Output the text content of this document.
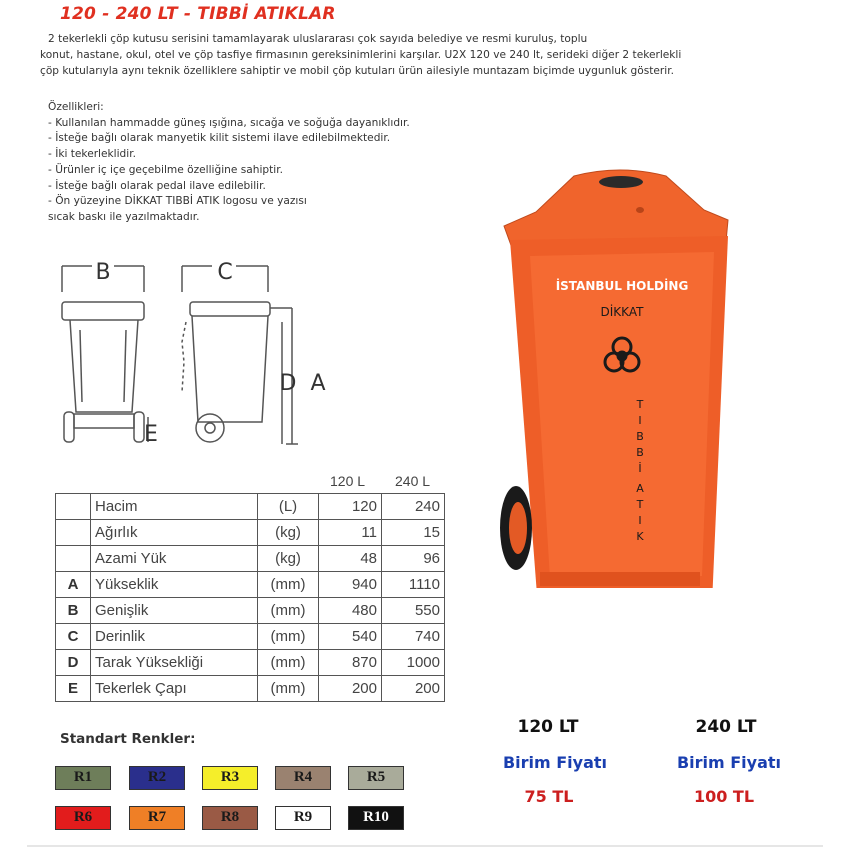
120 - 240 LT - TIBBİ ATIKLAR
2 tekerlekli çöp kutusu serisini tamamlayarak uluslararası çok sayıda belediye ve resmi kuruluş, toplu
konut, hastane, okul, otel ve çöp tasfiye firmasının gereksinimlerini karşılar. U2X 120 ve 240 lt, serideki diğer 2 tekerlekli
çöp kutularıyla aynı teknik özelliklere sahiptir ve mobil çöp kutuları ürün ailesiyle muntazam biçimde uygunluk gösterir.
Özellikleri:
- Kullanılan hammadde güneş ışığına, sıcağa ve soğuğa dayanıklıdır.
- İsteğe bağlı olarak manyetik kilit sistemi ilave edilebilmektedir.
- İki tekerleklidir.
- Ürünler iç içe geçebilme özelliğine sahiptir.
- İsteğe bağlı olarak pedal ilave edilebilir.
- Ön yüzeyine DİKKAT TIBBİ ATIK logosu ve yazısı
sıcak baskı ile yazılmaktadır.
B	C
D A
E
İSTANBUL HOLDİNG
DİKKAT
T
I
B
B
İ
A
T
I
K
120 L 240 L
	Hacim	(L)	120	240
	Ağırlık	(kg)	11	15
	Azami Yük	(kg)	48	96
A	Yükseklik	(mm)	940	1110
B	Genişlik	(mm)	480	550
C	Derinlik	(mm)	540	740
D	Tarak Yüksekliği	(mm)	870	1000
E	Tekerlek Çapı	(mm)	200	200
Standart Renkler:
R1	R2	R3	R4	R5
R6	R7	R8	R9	R10
120 LT
Birim Fiyatı
75 TL
240 LT
Birim Fiyatı
100 TL
